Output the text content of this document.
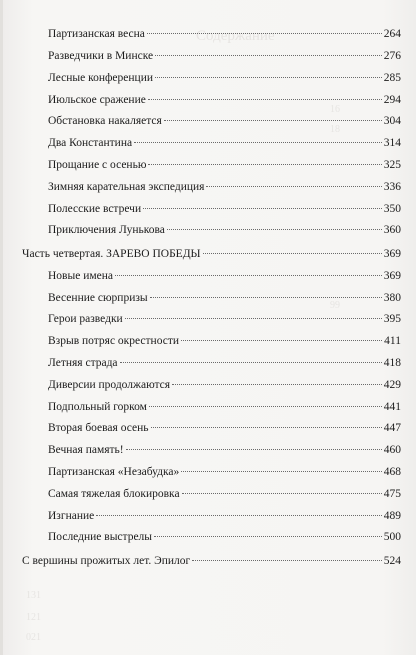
Содержание
16
18
99
131
121
021
Партизанская весна	264
Разведчики в Минске	276
Лесные конференции	285
Июльское сражение	294
Обстановка накаляется	304
Два Константина	314
Прощание с осенью	325
Зимняя карательная экспедиция	336
Полесские встречи	350
Приключения Лунькова	360
Часть четвертая. ЗАРЕВО ПОБЕДЫ	369
Новые имена	369
Весенние сюрпризы	380
Герои разведки	395
Взрыв потряс окрестности	411
Летняя страда	418
Диверсии продолжаются	429
Подпольный горком	441
Вторая боевая осень	447
Вечная память!	460
Партизанская «Незабудка»	468
Самая тяжелая блокировка	475
Изгнание	489
Последние выстрелы	500
С вершины прожитых лет. Эпилог	524
